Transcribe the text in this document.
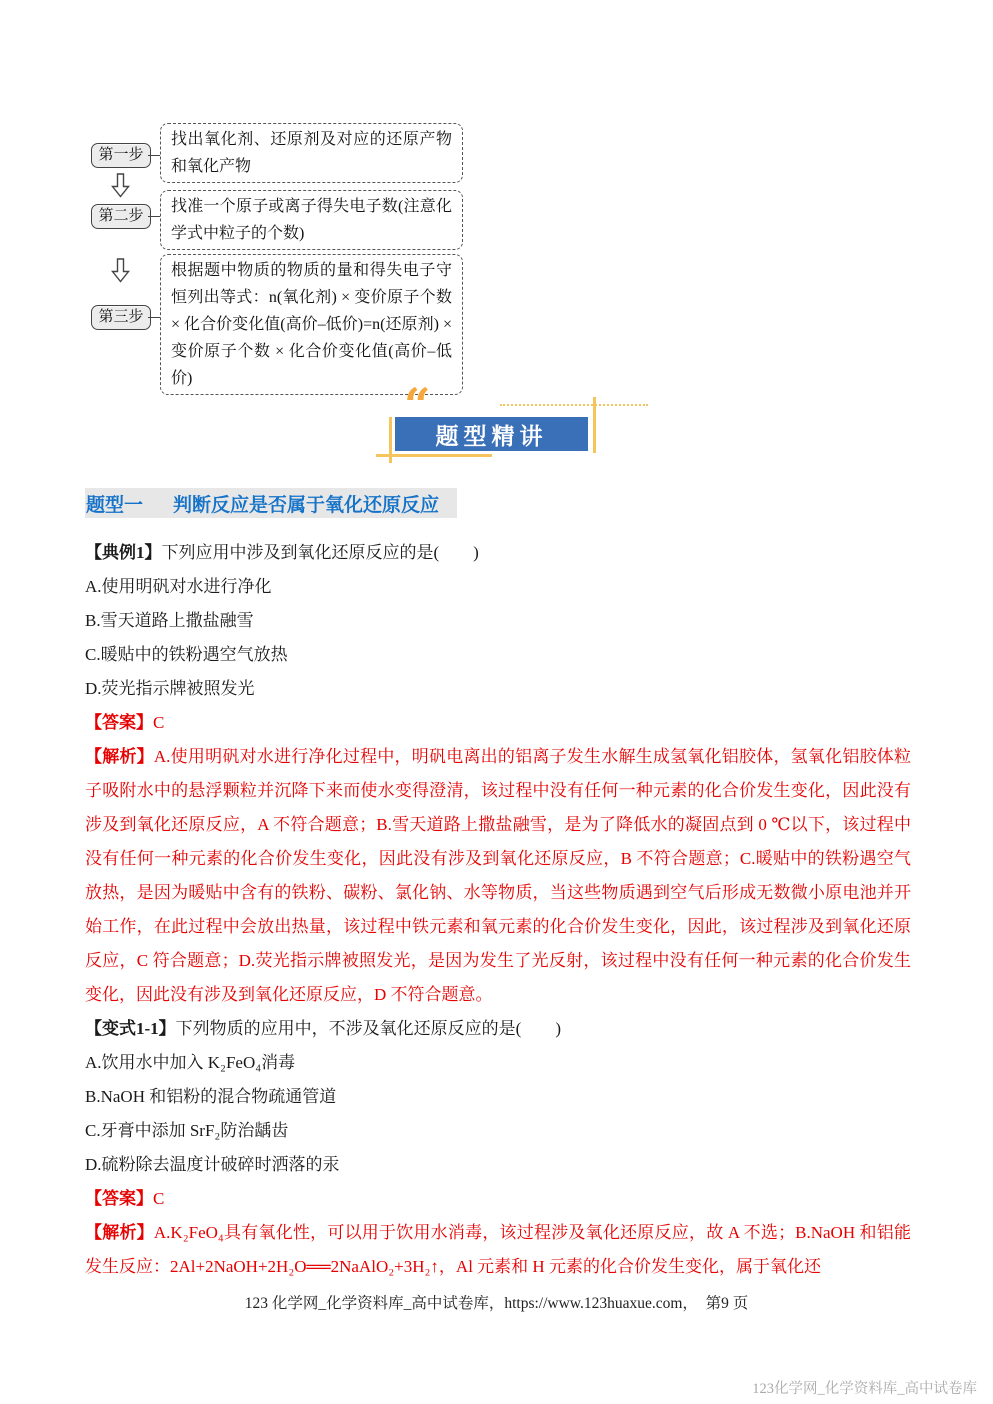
第一步
第二步
第三步
找出氧化剂、还原剂及对应的还原产物和氧化产物
找准一个原子或离子得失电子数(注意化学式中粒子的个数)
根据题中物质的物质的量和得失电子守恒列出等式：n(氧化剂) × 变价原子个数 × 化合价变化值(高价–低价)=n(还原剂) × 变价原子个数 × 化合价变化值(高价–低价)
题型精讲
“
题型一 判断反应是否属于氧化还原反应

【典例1】下列应用中涉及到氧化还原反应的是(　　)

A.使用明矾对水进行净化

B.雪天道路上撒盐融雪

C.暖贴中的铁粉遇空气放热

D.荧光指示牌被照发光

【答案】C

【解析】A.使用明矾对水进行净化过程中，明矾电离出的铝离子发生水解生成氢氧化铝胶体，氢氧化铝胶体粒子吸附水中的悬浮颗粒并沉降下来而使水变得澄清，该过程中没有任何一种元素的化合价发生变化，因此没有涉及到氧化还原反应，A 不符合题意；B.雪天道路上撒盐融雪，是为了降低水的凝固点到 0 ℃以下，该过程中没有任何一种元素的化合价发生变化，因此没有涉及到氧化还原反应，B 不符合题意；C.暖贴中的铁粉遇空气放热，是因为暖贴中含有的铁粉、碳粉、氯化钠、水等物质，当这些物质遇到空气后形成无数微小原电池并开始工作，在此过程中会放出热量，该过程中铁元素和氧元素的化合价发生变化，因此，该过程涉及到氧化还原反应，C 符合题意；D.荧光指示牌被照发光，是因为发生了光反射，该过程中没有任何一种元素的化合价发生变化，因此没有涉及到氧化还原反应，D 不符合题意。

【变式1-1】下列物质的应用中，不涉及氧化还原反应的是(　　)

A.饮用水中加入 K₂FeO₄消毒

B.NaOH 和铝粉的混合物疏通管道

C.牙膏中添加 SrF₂防治龋齿

D.硫粉除去温度计破碎时洒落的汞

【答案】C

【解析】A.K₂FeO₄具有氧化性，可以用于饮用水消毒，该过程涉及氧化还原反应，故 A 不选；B.NaOH 和铝能发生反应：2Al+2NaOH+2H₂O══2NaAlO₂+3H₂↑，Al 元素和 H 元素的化合价发生变化，属于氧化还

123 化学网_化学资料库_高中试卷库，https://www.123huaxue.com，　第9 页
123化学网_化学资料库_高中试卷库
